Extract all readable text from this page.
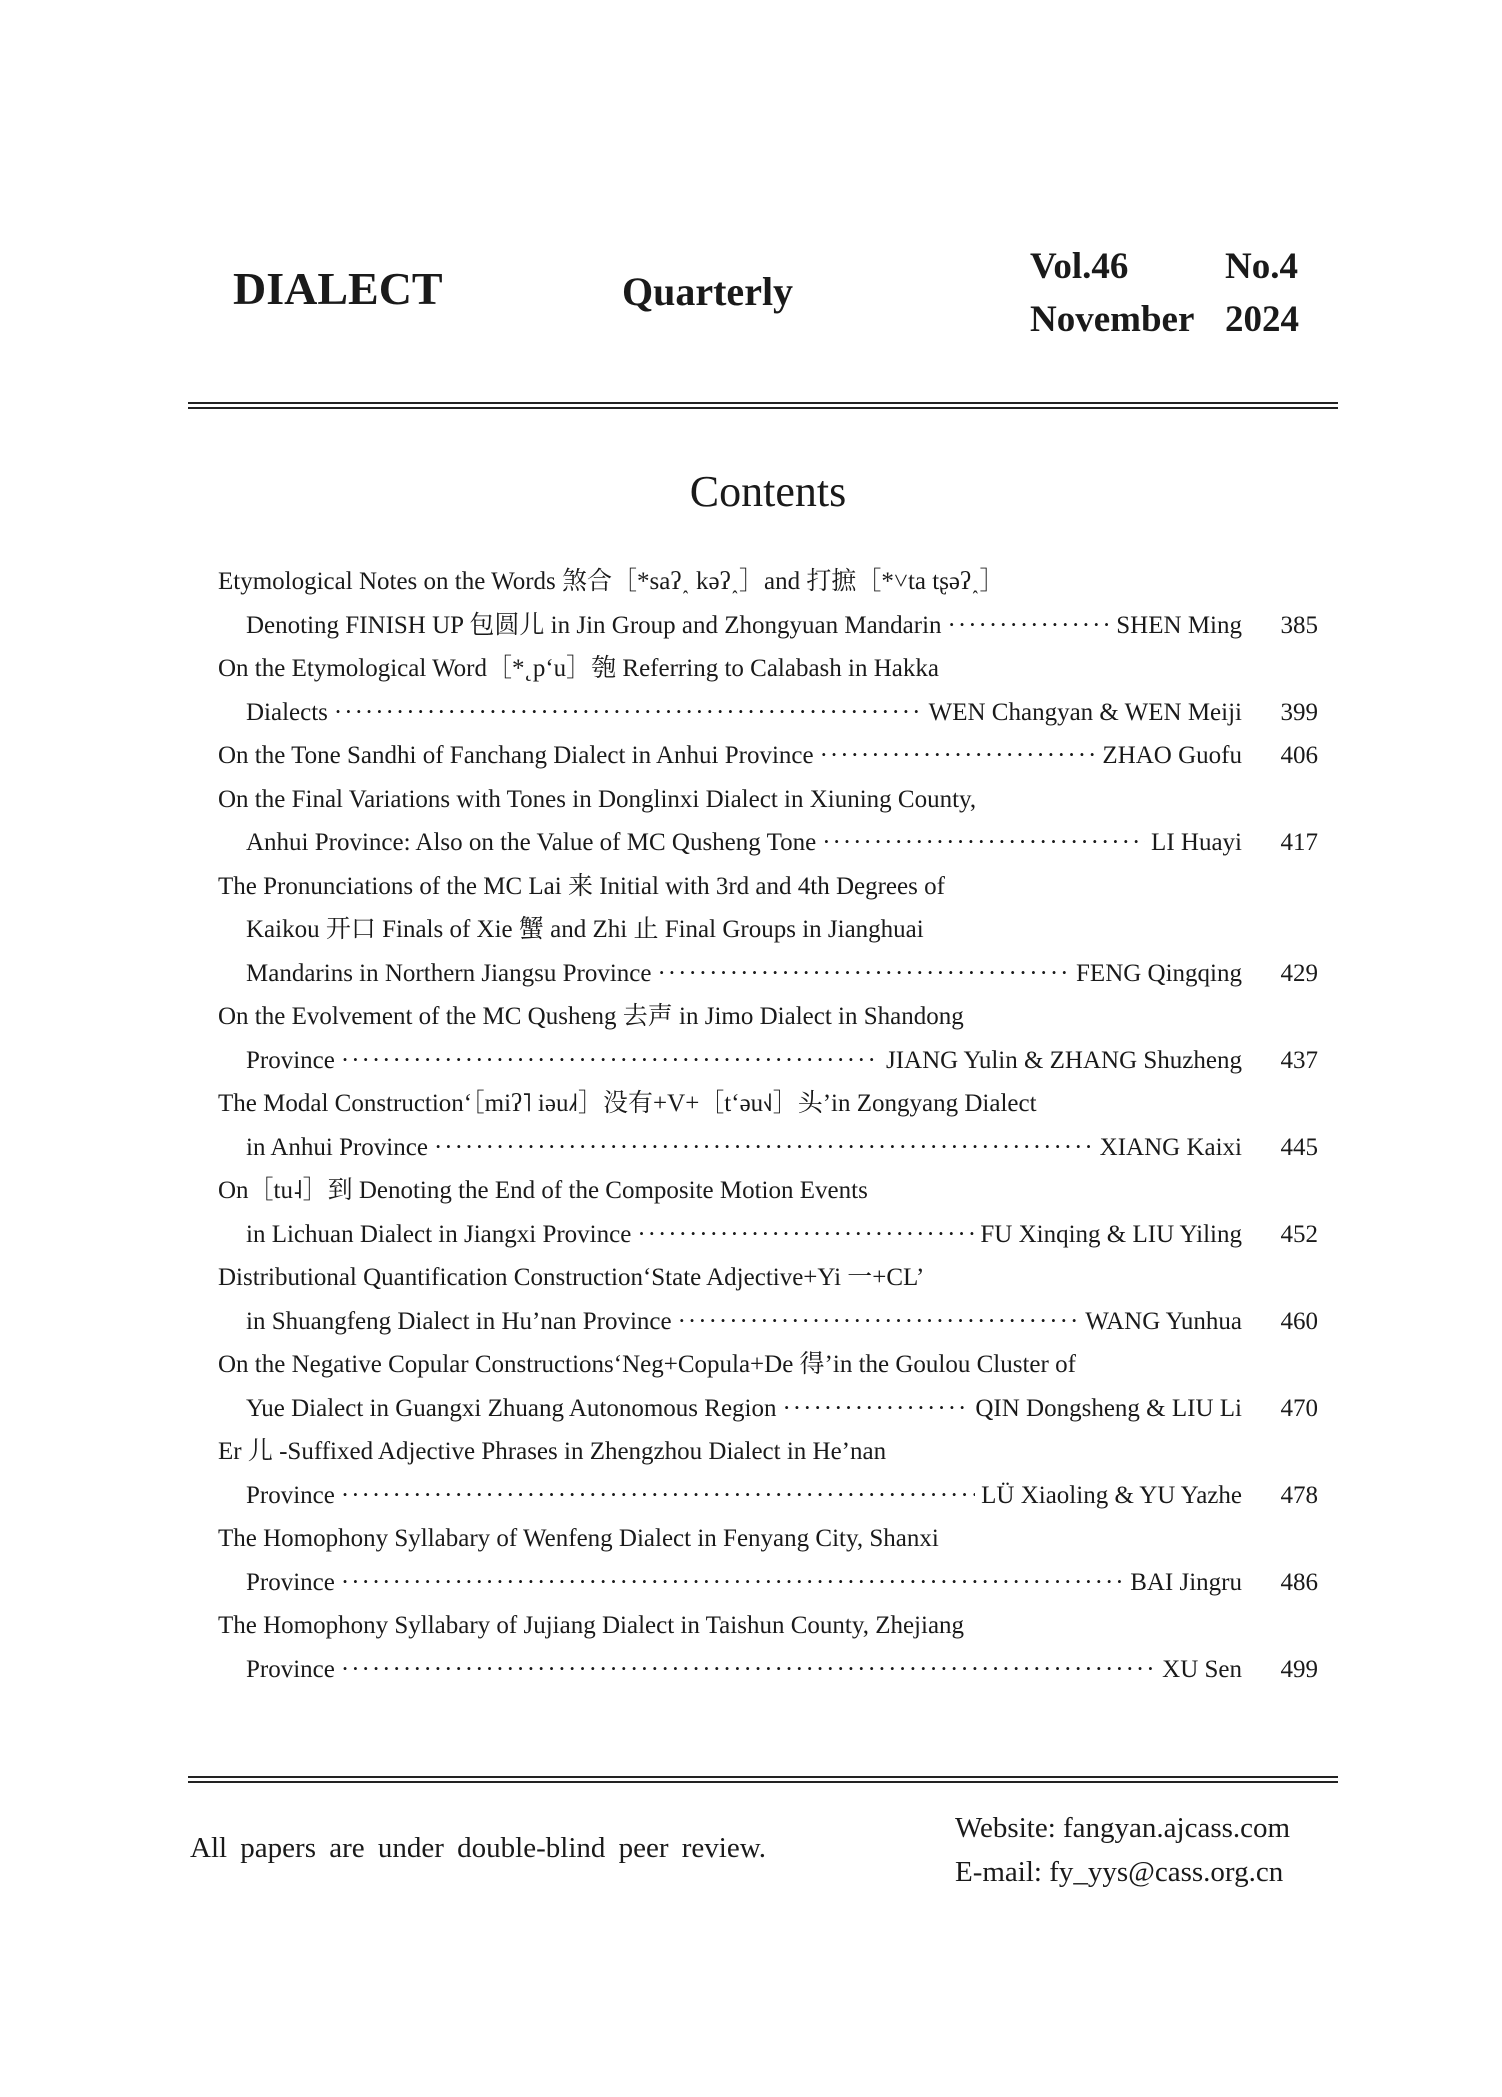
DIALECT	Quarterly
Vol.46	No.4
November 2024
Contents
Etymological Notes on the Words 煞合［*saʔ˰ kəʔ˰］and 打摭［*˅ta tʂəʔ˰］
Denoting FINISH UP 包圆儿 in Jin Group and Zhongyuan Mandarin ·····	SHEN Ming	385
On the Etymological Word［*˛pʻu］匏 Referring to Calabash in Hakka
Dialects ·····	WEN Changyan & WEN Meiji	399
On the Tone Sandhi of Fanchang Dialect in Anhui Province ·····	ZHAO Guofu	406
On the Final Variations with Tones in Donglinxi Dialect in Xiuning County,
Anhui Province: Also on the Value of MC Qusheng Tone ·····	LI Huayi	417
The Pronunciations of the MC Lai 来 Initial with 3rd and 4th Degrees of
Kaikou 开口 Finals of Xie 蟹 and Zhi 止 Final Groups in Jianghuai
Mandarins in Northern Jiangsu Province ·····	FENG Qingqing	429
On the Evolvement of the MC Qusheng 去声 in Jimo Dialect in Shandong
Province ·····	JIANG Yulin & ZHANG Shuzheng	437
The Modal Construction‘［miʔ˥ iəu˩˧］没有+V+［tʻəu˧˩］头’in Zongyang Dialect
in Anhui Province ·····	XIANG Kaixi	445
On［tu˨］到 Denoting the End of the Composite Motion Events
in Lichuan Dialect in Jiangxi Province ·····	FU Xinqing & LIU Yiling	452
Distributional Quantification Construction‘State Adjective+Yi 一+CL’
in Shuangfeng Dialect in Hu’nan Province ·····	WANG Yunhua	460
On the Negative Copular Constructions‘Neg+Copula+De 得’in the Goulou Cluster of
Yue Dialect in Guangxi Zhuang Autonomous Region ·····	QIN Dongsheng & LIU Li	470
Er 儿 -Suffixed Adjective Phrases in Zhengzhou Dialect in He’nan
Province ·····	LÜ Xiaoling & YU Yazhe	478
The Homophony Syllabary of Wenfeng Dialect in Fenyang City, Shanxi
Province ·····	BAI Jingru	486
The Homophony Syllabary of Jujiang Dialect in Taishun County, Zhejiang
Province ·····	XU Sen	499
All papers are under double-blind peer review.
Website: fangyan.ajcass.com
E-mail: fy_yys@cass.org.cn
